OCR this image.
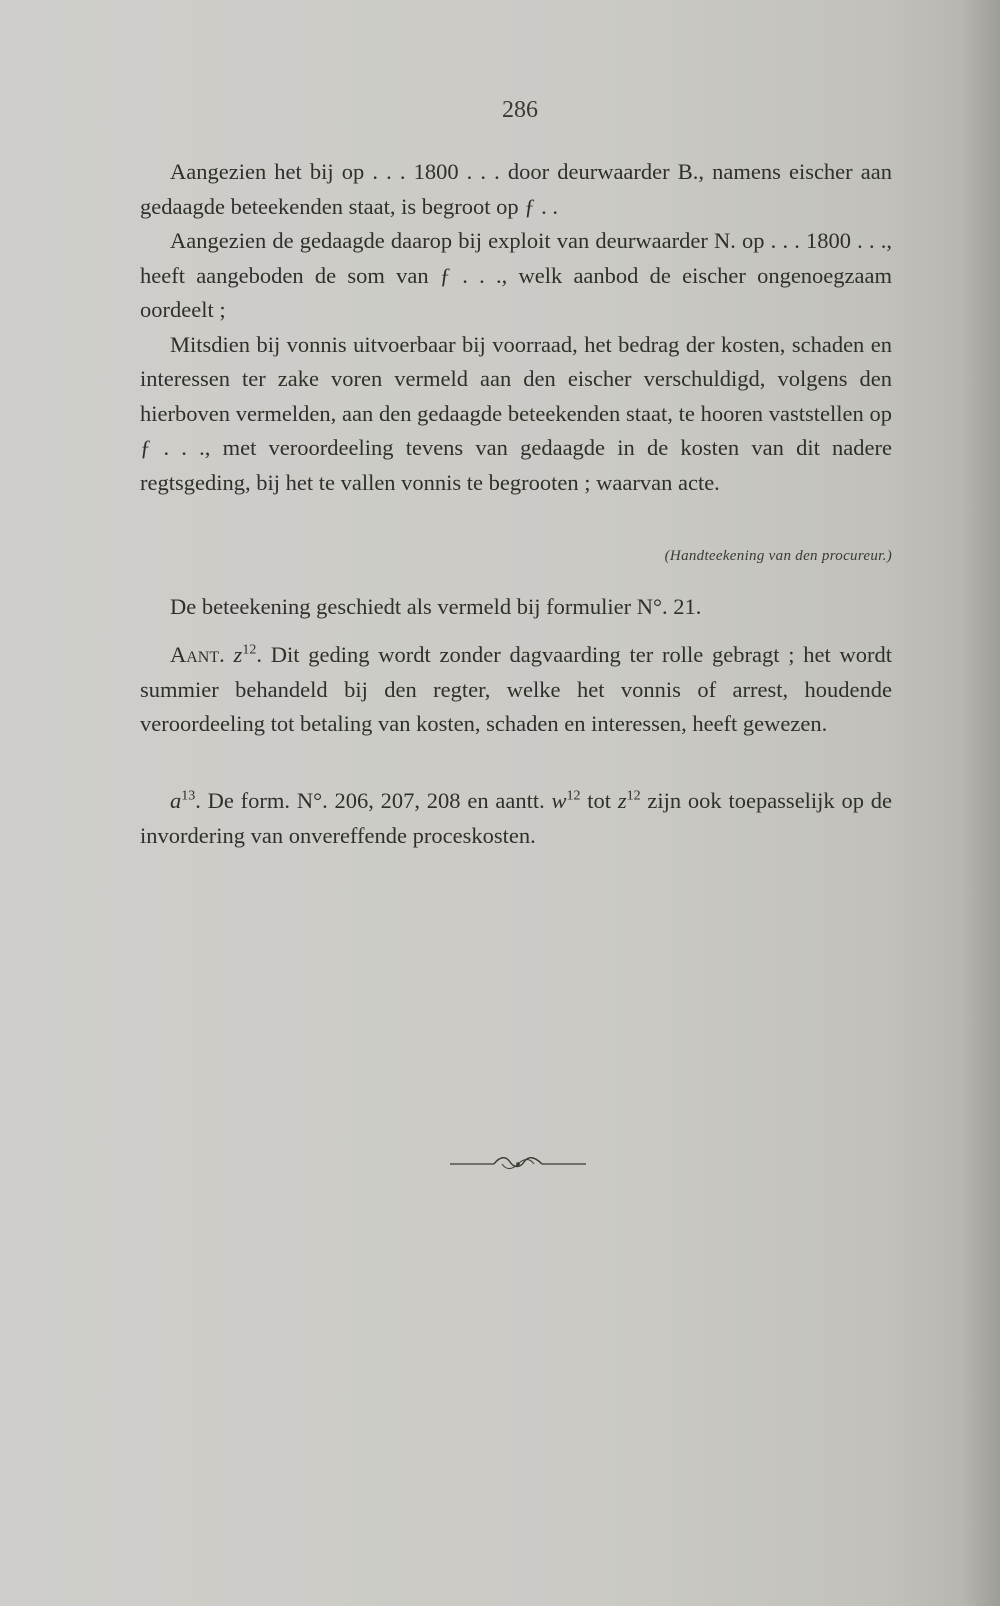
286

Aangezien het bij op . . . 1800 . . . door deurwaarder B., namens eischer aan gedaagde beteekenden staat, is begroot op ƒ . .

Aangezien de gedaagde daarop bij exploit van deurwaarder N. op . . . 1800 . . ., heeft aangeboden de som van ƒ . . ., welk aanbod de eischer ongenoegzaam oordeelt ;

Mitsdien bij vonnis uitvoerbaar bij voorraad, het bedrag der kosten, schaden en interessen ter zake voren vermeld aan den eischer verschuldigd, volgens den hierboven vermelden, aan den gedaagde beteekenden staat, te hooren vaststellen op ƒ . . ., met veroordeeling tevens van gedaagde in de kosten van dit nadere regtsgeding, bij het te vallen vonnis te begrooten ; waarvan acte.

(Handteekening van den procureur.)

De beteekening geschiedt als vermeld bij formulier N°. 21.

Aant. $z^{12}$. Dit geding wordt zonder dagvaarding ter rolle gebragt ; het wordt summier behandeld bij den regter, welke het vonnis of arrest, houdende veroordeeling tot betaling van kosten, schaden en interessen, heeft gewezen.

$a^{13}$. De form. N°. 206, 207, 208 en aantt. $w^{12}$ tot $z^{12}$ zijn ook toepasselijk op de invordering van onvereffende proceskosten.
